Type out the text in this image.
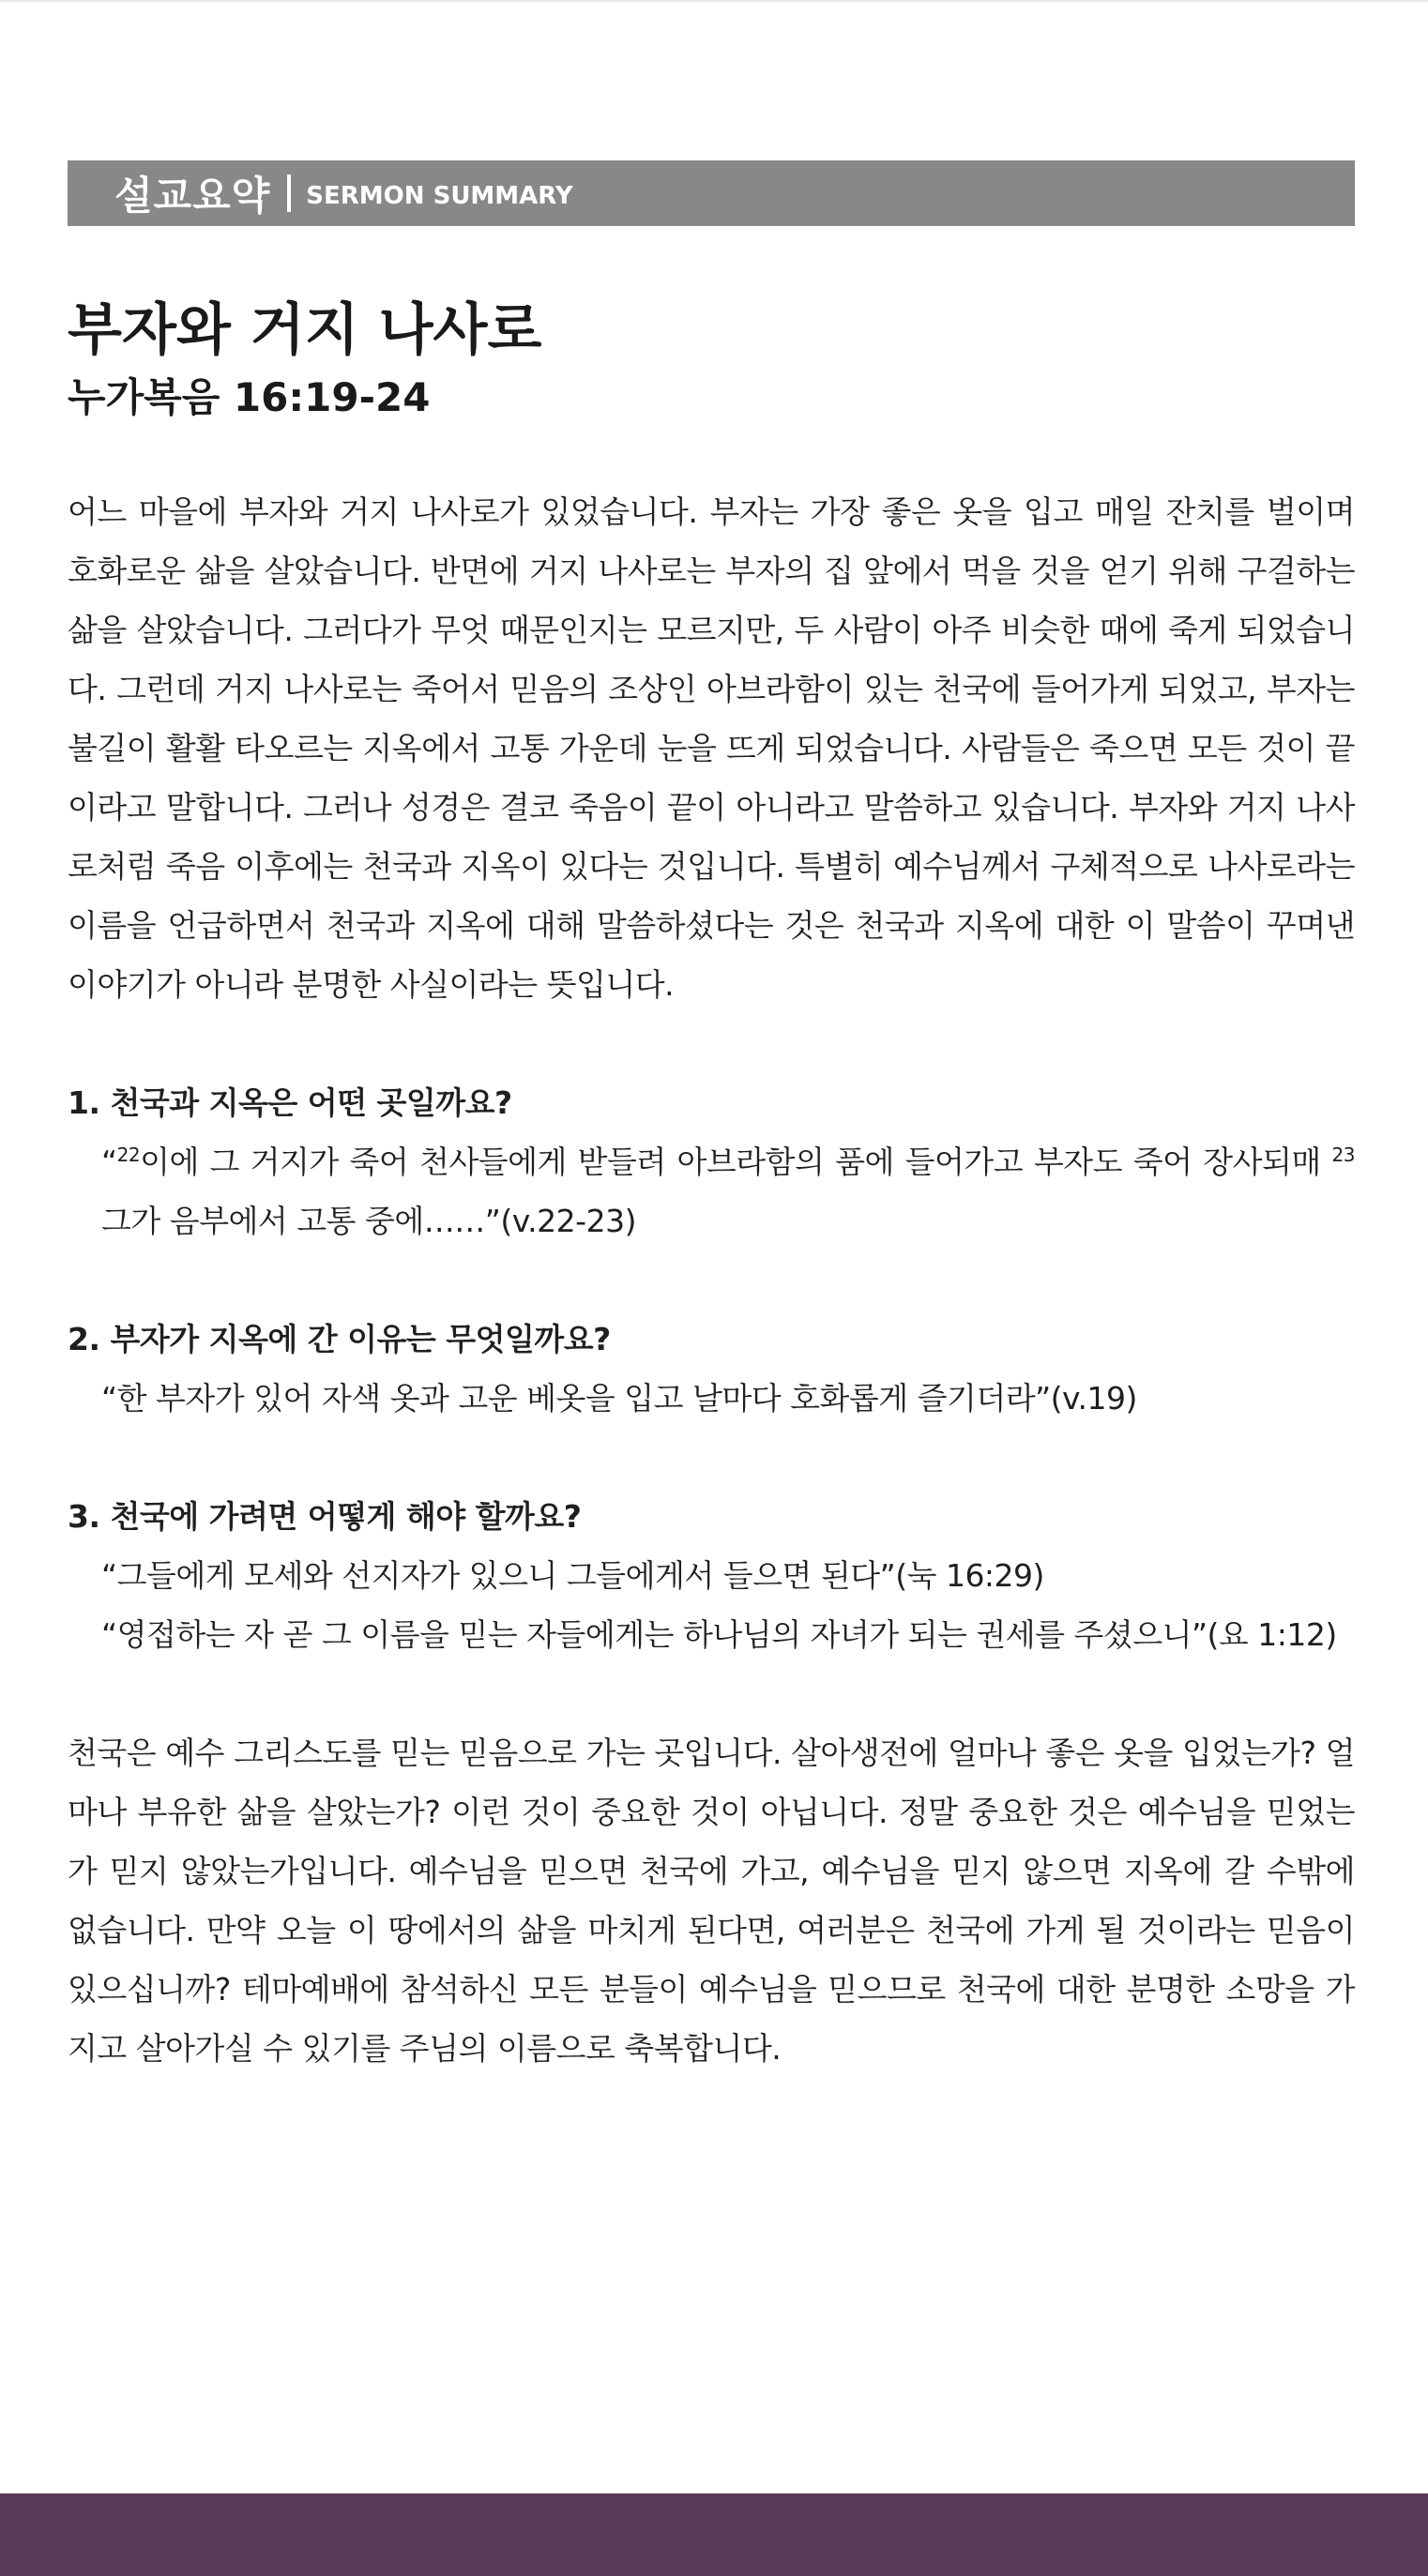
설교요약 SERMON SUMMARY
부자와 거지 나사로
누가복음 16:19-24

어느 마을에 부자와 거지 나사로가 있었습니다. 부자는 가장 좋은 옷을 입고 매일 잔치를 벌이며 호화로운 삶을 살았습니다. 반면에 거지 나사로는 부자의 집 앞에서 먹을 것을 얻기 위해 구걸하는 삶을 살았습니다. 그러다가 무엇 때문인지는 모르지만, 두 사람이 아주 비슷한 때에 죽게 되었습니다. 그런데 거지 나사로는 죽어서 믿음의 조상인 아브라함이 있는 천국에 들어가게 되었고, 부자는 불길이 활활 타오르는 지옥에서 고통 가운데 눈을 뜨게 되었습니다. 사람들은 죽으면 모든 것이 끝이라고 말합니다. 그러나 성경은 결코 죽음이 끝이 아니라고 말씀하고 있습니다. 부자와 거지 나사로처럼 죽음 이후에는 천국과 지옥이 있다는 것입니다. 특별히 예수님께서 구체적으로 나사로라는 이름을 언급하면서 천국과 지옥에 대해 말씀하셨다는 것은 천국과 지옥에 대한 이 말씀이 꾸며낸 이야기가 아니라 분명한 사실이라는 뜻입니다.

1. 천국과 지옥은 어떤 곳일까요?

“$^{22}$이에 그 거지가 죽어 천사들에게 받들려 아브라함의 품에 들어가고 부자도 죽어 장사되매 $^{23}$그가 음부에서 고통 중에……”(v.22-23)

2. 부자가 지옥에 간 이유는 무엇일까요?

“한 부자가 있어 자색 옷과 고운 베옷을 입고 날마다 호화롭게 즐기더라”(v.19)

3. 천국에 가려면 어떻게 해야 할까요?

“그들에게 모세와 선지자가 있으니 그들에게서 들으면 된다”(눅 16:29)

“영접하는 자 곧 그 이름을 믿는 자들에게는 하나님의 자녀가 되는 권세를 주셨으니”(요 1:12)

천국은 예수 그리스도를 믿는 믿음으로 가는 곳입니다. 살아생전에 얼마나 좋은 옷을 입었는가? 얼마나 부유한 삶을 살았는가? 이런 것이 중요한 것이 아닙니다. 정말 중요한 것은 예수님을 믿었는가 믿지 않았는가입니다. 예수님을 믿으면 천국에 가고, 예수님을 믿지 않으면 지옥에 갈 수밖에 없습니다. 만약 오늘 이 땅에서의 삶을 마치게 된다면, 여러분은 천국에 가게 될 것이라는 믿음이 있으십니까? 테마예배에 참석하신 모든 분들이 예수님을 믿으므로 천국에 대한 분명한 소망을 가지고 살아가실 수 있기를 주님의 이름으로 축복합니다.
